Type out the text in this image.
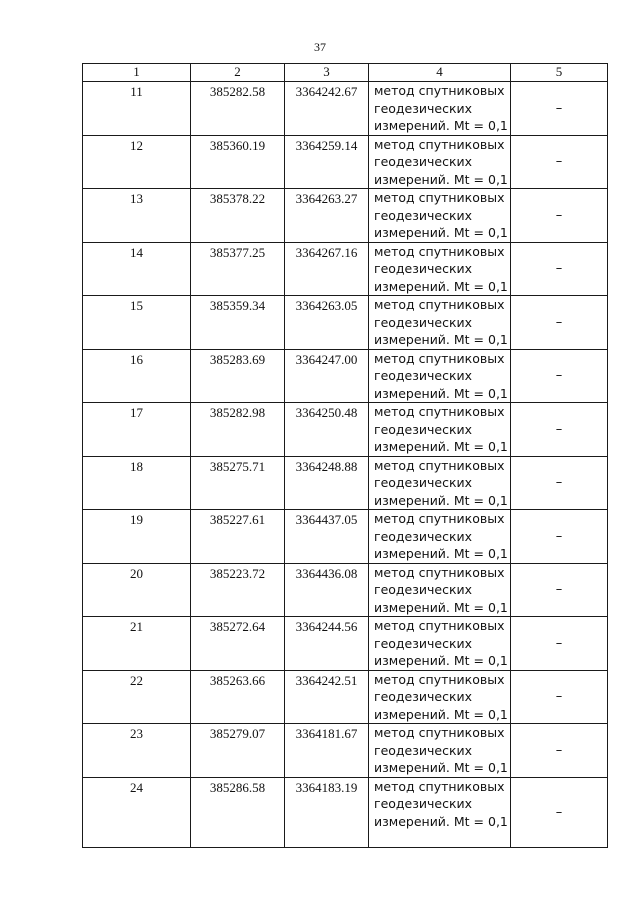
37
1	2	3	4	5
11	385282.58	3364242.67	метод спутниковых
геодезических
измерений. Mt = 0,1	–
12	385360.19	3364259.14	метод спутниковых
геодезических
измерений. Mt = 0,1	–
13	385378.22	3364263.27	метод спутниковых
геодезических
измерений. Mt = 0,1	–
14	385377.25	3364267.16	метод спутниковых
геодезических
измерений. Mt = 0,1	–
15	385359.34	3364263.05	метод спутниковых
геодезических
измерений. Mt = 0,1	–
16	385283.69	3364247.00	метод спутниковых
геодезических
измерений. Mt = 0,1	–
17	385282.98	3364250.48	метод спутниковых
геодезических
измерений. Mt = 0,1	–
18	385275.71	3364248.88	метод спутниковых
геодезических
измерений. Mt = 0,1	–
19	385227.61	3364437.05	метод спутниковых
геодезических
измерений. Mt = 0,1	–
20	385223.72	3364436.08	метод спутниковых
геодезических
измерений. Mt = 0,1	–
21	385272.64	3364244.56	метод спутниковых
геодезических
измерений. Mt = 0,1	–
22	385263.66	3364242.51	метод спутниковых
геодезических
измерений. Mt = 0,1	–
23	385279.07	3364181.67	метод спутниковых
геодезических
измерений. Mt = 0,1	–
24	385286.58	3364183.19	метод спутниковых
геодезических
измерений. Mt = 0,1	–
